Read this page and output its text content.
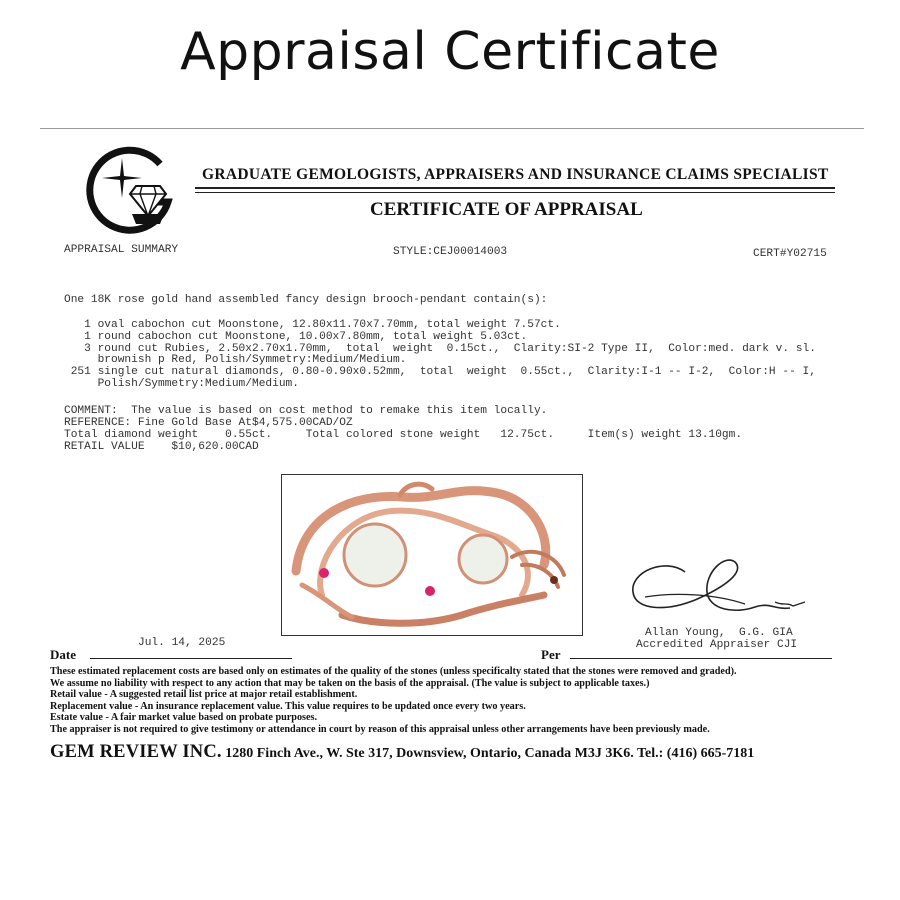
Appraisal Certificate
GRADUATE GEMOLOGISTS, APPRAISERS AND INSURANCE CLAIMS SPECIALIST
CERTIFICATE OF APPRAISAL
APPRAISAL SUMMARY	STYLE:CEJ00014003	CERT#Y02715
One 18K rose gold hand assembled fancy design brooch-pendant contain(s):
1 oval cabochon cut Moonstone, 12.80x11.70x7.70mm, total weight 7.57ct.
1 round cabochon cut Moonstone, 10.00x7.80mm, total weight 5.03ct.
3 round cut Rubies, 2.50x2.70x1.70mm,  total  weight  0.15ct.,  Clarity:SI-2 Type II,  Color:med. dark v. sl.
brownish p Red, Polish/Symmetry:Medium/Medium.
251 single cut natural diamonds, 0.80-0.90x0.52mm,  total  weight  0.55ct.,  Clarity:I-1 -- I-2,  Color:H -- I,
Polish/Symmetry:Medium/Medium.
COMMENT:  The value is based on cost method to remake this item locally.
REFERENCE: Fine Gold Base At$4,575.00CAD/OZ
Total diamond weight    0.55ct.     Total colored stone weight   12.75ct.     Item(s) weight 13.10gm.
RETAIL VALUE    $10,620.00CAD
Jul. 14, 2025
Date
Allan Young,  G.G. GIA
Accredited Appraiser CJI
Per
These estimated replacement costs are based only on estimates of the quality of the stones (unless specificalty stated that the stones were removed and graded).
We assume no liability with respect to any action that may be taken on the basis of the appraisal. (The value is subject to applicable taxes.)
Retail value - A suggested retail list price at major retail establishment.
Replacement value - An insurance replacement value. This value requires to be updated once every two years.
Estate value - A fair market value based on probate purposes.
The appraiser is not required to give testimony or attendance in court by reason of this appraisal unless other arrangements have been previously made.
GEM REVIEW INC. 1280 Finch Ave., W. Ste 317, Downsview, Ontario, Canada M3J 3K6. Tel.: (416) 665-7181
